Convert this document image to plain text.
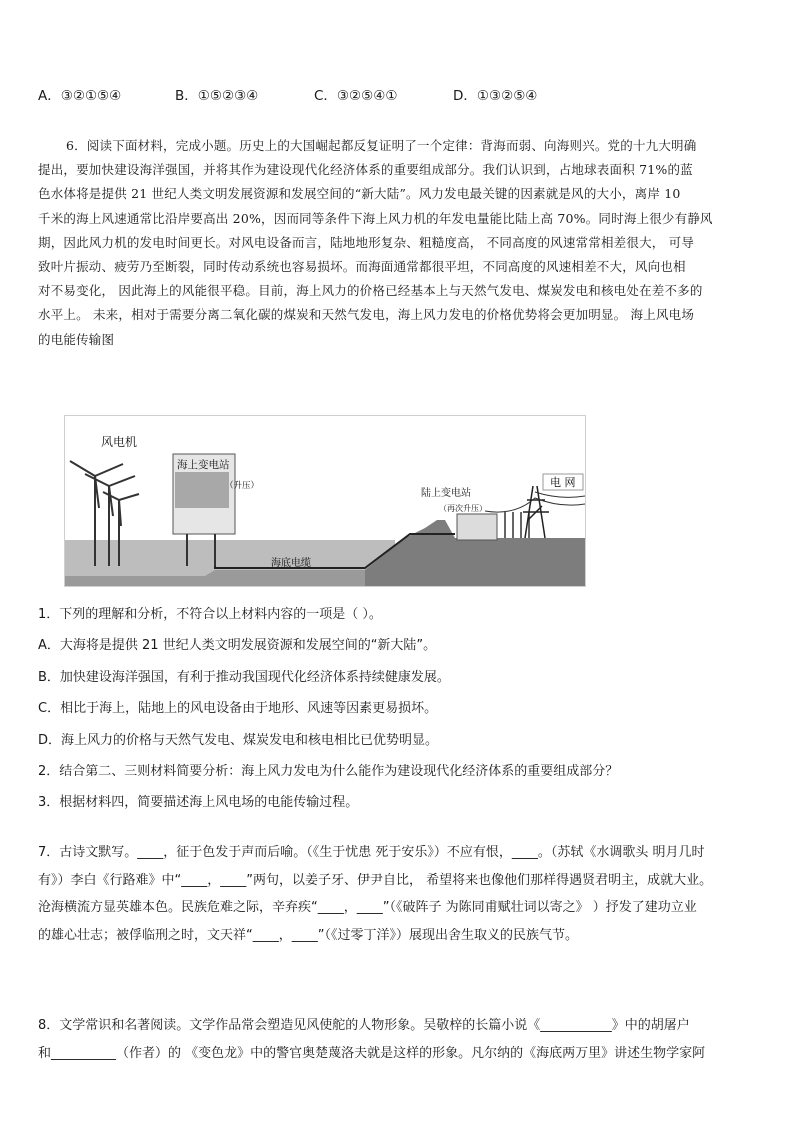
A．③②①⑤④	B．①⑤②③④	C．③②⑤④①	D．①③②⑤④
6．阅读下面材料，完成小题。历史上的大国崛起都反复证明了一个定律：背海而弱、向海则兴。党的十九大明确
提出，要加快建设海洋强国，并将其作为建设现代化经济体系的重要组成部分。我们认识到，占地球表面积 71%的蓝
色水体将是提供 21 世纪人类文明发展资源和发展空间的“新大陆”。风力发电最关键的因素就是风的大小，离岸 10
千米的海上风速通常比沿岸要高出 20%，因而同等条件下海上风力机的年发电量能比陆上高 70%。同时海上很少有静风
期，因此风力机的发电时间更长。对风电设备而言，陆地地形复杂、粗糙度高， 不同高度的风速常常相差很大， 可导
致叶片振动、疲劳乃至断裂，同时传动系统也容易损坏。而海面通常都很平坦，不同高度的风速相差不大，风向也相
对不易变化， 因此海上的风能很平稳。目前，海上风力的价格已经基本上与天然气发电、煤炭发电和核电处在差不多的
水平上。 未来，相对于需要分离二氧化碳的煤炭和天然气发电，海上风力发电的价格优势将会更加明显。 海上风电场
的电能传输图
风电机
海上变电站
（升压）
海底电缆
陆上变电站
（再次升压）
电 网
1．下列的理解和分析，不符合以上材料内容的一项是（ ）。
A．大海将是提供 21 世纪人类文明发展资源和发展空间的“新大陆”。
B．加快建设海洋强国，有利于推动我国现代化经济体系持续健康发展。
C．相比于海上，陆地上的风电设备由于地形、风速等因素更易损坏。
D．海上风力的价格与天然气发电、煤炭发电和核电相比已优势明显。
2．结合第二、三则材料简要分析：海上风力发电为什么能作为建设现代化经济体系的重要组成部分？
3．根据材料四，简要描述海上风电场的电能传输过程。
7．古诗文默写。____，征于色发于声而后喻。（《生于忧患 死于安乐》）不应有恨，____。（苏轼《水调歌头 明月几时
有》）李白《行路难》中“____，____”两句，以姜子牙、伊尹自比， 希望将来也像他们那样得遇贤君明主，成就大业。
沧海横流方显英雄本色。民族危难之际，辛弃疾“____，____”（《破阵子 为陈同甫赋壮词以寄之》 ）抒发了建功立业
的雄心壮志；被俘临刑之时，文天祥“____，____”（《过零丁洋》）展现出舍生取义的民族气节。
8．文学常识和名著阅读。文学作品常会塑造见风使舵的人物形象。吴敬梓的长篇小说《___________》中的胡屠户
和__________（作者）的 《变色龙》中的警官奥楚蔑洛夫就是这样的形象。凡尔纳的《海底两万里》讲述生物学家阿
